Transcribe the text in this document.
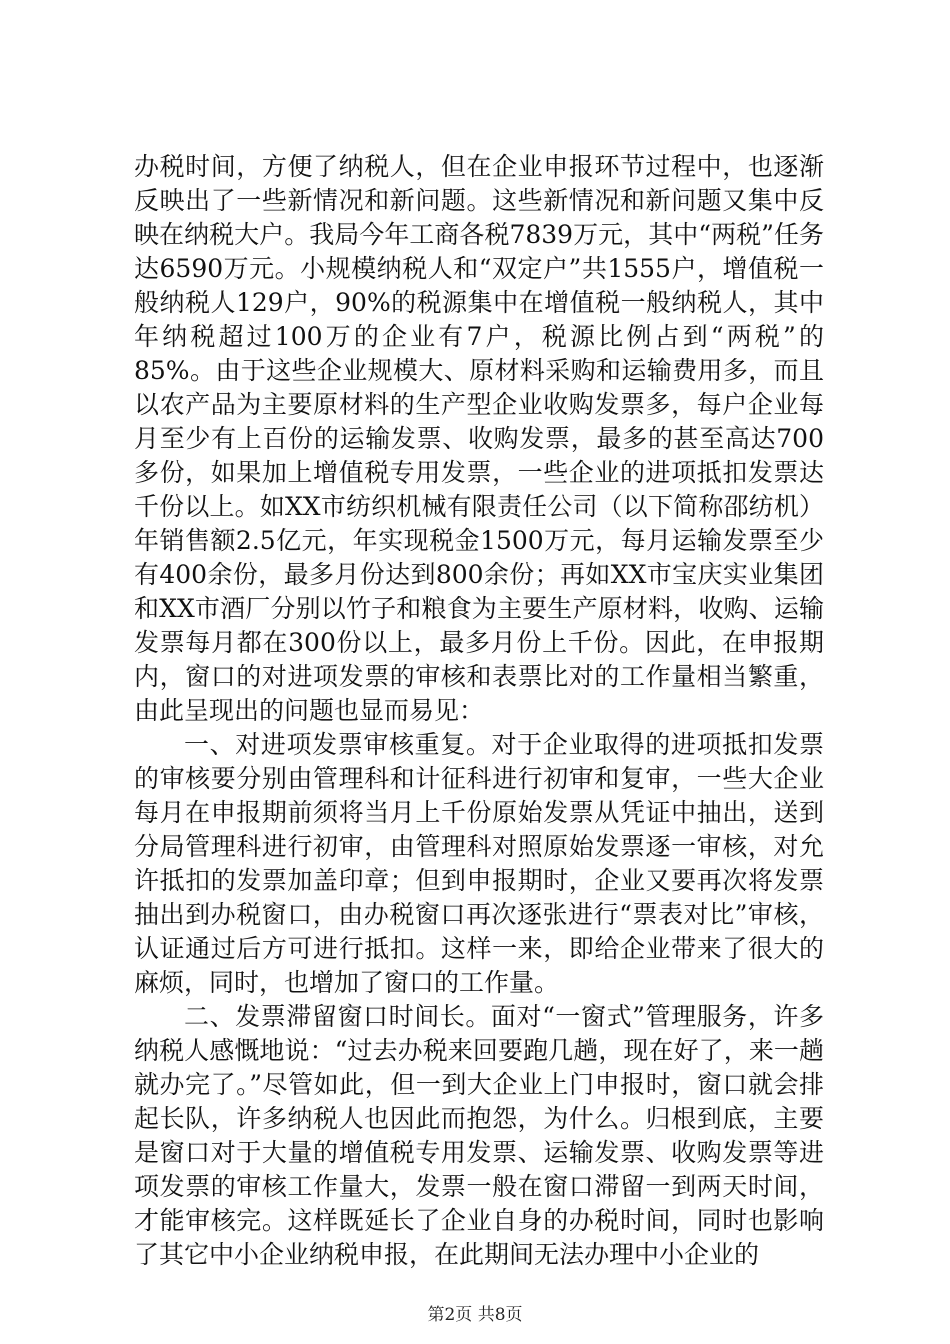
办税时间，方便了纳税人，但在企业申报环节过程中，也逐渐反映出了一些新情况和新问题。这些新情况和新问题又集中反映在纳税大户。我局今年工商各税7839万元，其中“两税”任务达6590万元。小规模纳税人和“双定户”共1555户，增值税一般纳税人129户，90%的税源集中在增值税一般纳税人，其中年纳税超过100万的企业有7户，税源比例占到“两税”的85%。由于这些企业规模大、原材料采购和运输费用多，而且以农产品为主要原材料的生产型企业收购发票多，每户企业每月至少有上百份的运输发票、收购发票，最多的甚至高达700多份，如果加上增值税专用发票，一些企业的进项抵扣发票达千份以上。如XX市纺织机械有限责任公司（以下简称邵纺机）年销售额2.5亿元，年实现税金1500万元，每月运输发票至少有400余份，最多月份达到800余份；再如XX市宝庆实业集团和XX市酒厂分别以竹子和粮食为主要生产原材料，收购、运输发票每月都在300份以上，最多月份上千份。因此，在申报期内，窗口的对进项发票的审核和表票比对的工作量相当繁重，由此呈现出的问题也显而易见：

一、对进项发票审核重复。对于企业取得的进项抵扣发票的审核要分别由管理科和计征科进行初审和复审，一些大企业每月在申报期前须将当月上千份原始发票从凭证中抽出，送到分局管理科进行初审，由管理科对照原始发票逐一审核，对允许抵扣的发票加盖印章；但到申报期时，企业又要再次将发票抽出到办税窗口，由办税窗口再次逐张进行“票表对比”审核，认证通过后方可进行抵扣。这样一来，即给企业带来了很大的麻烦，同时，也增加了窗口的工作量。

二、发票滞留窗口时间长。面对“一窗式”管理服务，许多纳税人感慨地说：“过去办税来回要跑几趟，现在好了，来一趟就办完了。”尽管如此，但一到大企业上门申报时，窗口就会排起长队，许多纳税人也因此而抱怨，为什么。归根到底，主要是窗口对于大量的增值税专用发票、运输发票、收购发票等进项发票的审核工作量大，发票一般在窗口滞留一到两天时间，才能审核完。这样既延长了企业自身的办税时间，同时也影响了其它中小企业纳税申报，在此期间无法办理中小企业的

第2页 共8页
